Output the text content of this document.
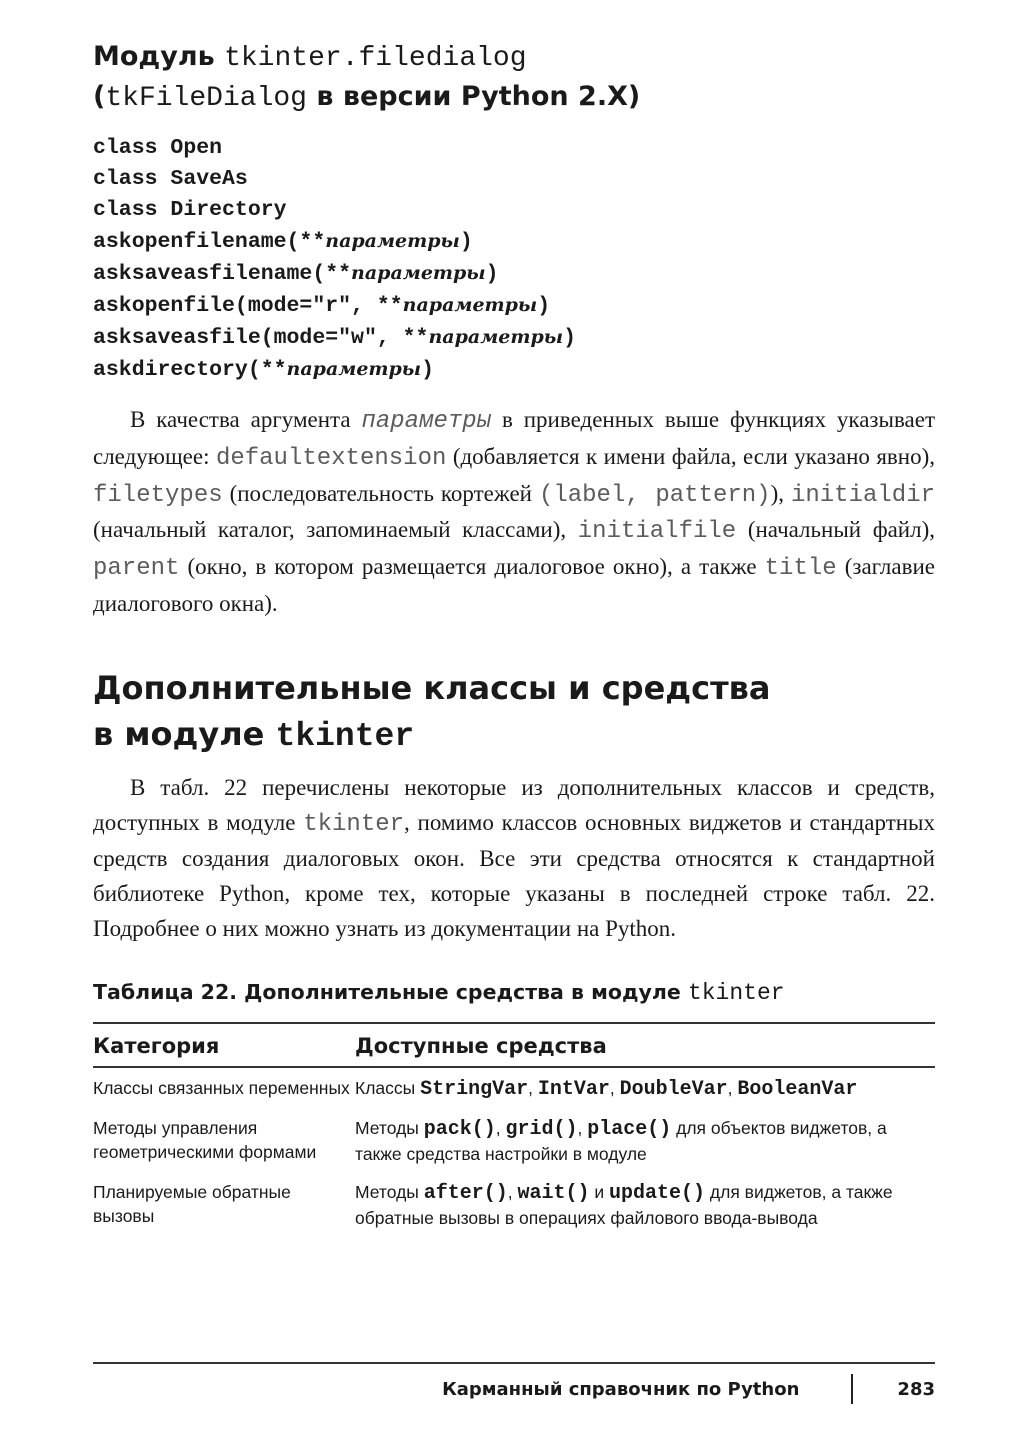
Модуль tkinter.filedialog
(tkFileDialog в версии Python 2.X)
class Open
class SaveAs
class Directory
askopenfilename(**параметры)
asksaveasfilename(**параметры)
askopenfile(mode="r", **параметры)
asksaveasfile(mode="w", **параметры)
askdirectory(**параметры)

В качества аргумента параметры в приведенных выше функциях указывает следующее: defaultextension (добавляется к имени файла, если указано явно), filetypes (последовательность кортежей (label, pattern)), initialdir (начальный каталог, запоминаемый классами), initialfile (начальный файл), parent (окно, в котором размещается диалоговое окно), а также title (заглавие диалогового окна).

Дополнительные классы и средства
в модуле tkinter

В табл. 22 перечислены некоторые из дополнительных классов и средств, доступных в модуле tkinter, помимо классов основных виджетов и стандартных средств создания диалоговых окон. Все эти средства относятся к стандартной библиотеке Python, кроме тех, которые указаны в последней строке табл. 22. Подробнее о них можно узнать из документации на Python.

Таблица 22. Дополнительные средства в модуле tkinter
Категория	Доступные средства
Классы связанных переменных	Классы StringVar, IntVar, DoubleVar, BooleanVar
Методы управления геометрическими формами	Методы pack(), grid(), place() для объектов виджетов, а также средства настройки в модуле
Планируемые обратные вызовы	Методы after(), wait() и update() для виджетов, а также обратные вызовы в операциях файлового ввода-вывода
Карманный справочник по Python	283
